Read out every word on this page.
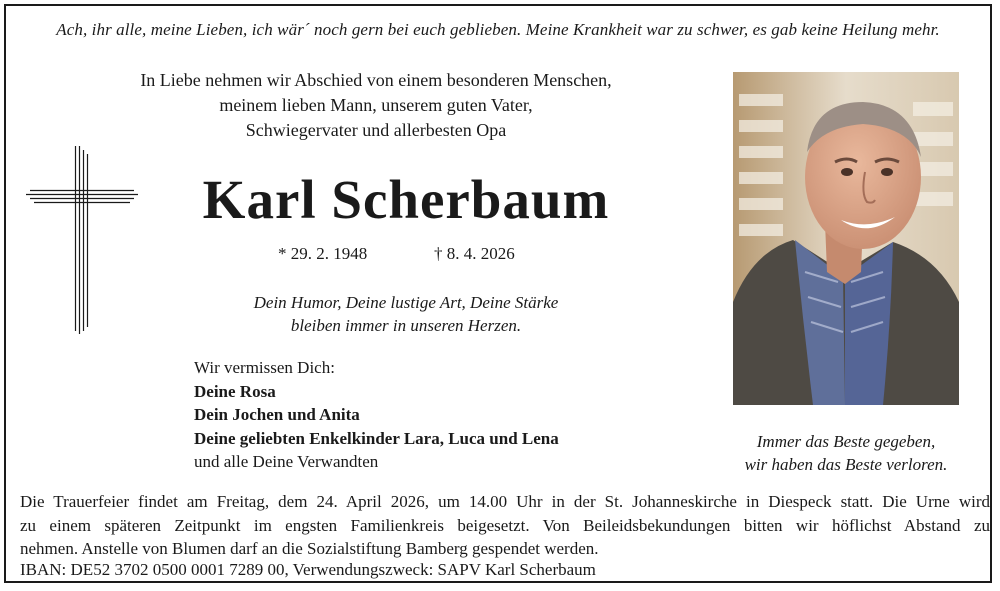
Ach, ihr alle, meine Lieben, ich wär´ noch gern bei euch geblieben. Meine Krankheit war zu schwer, es gab keine Heilung mehr.
In Liebe nehmen wir Abschied von einem besonderen Menschen,
meinem lieben Mann, unserem guten Vater,
Schwiegervater und allerbesten Opa
Karl Scherbaum
* 29. 2. 1948	† 8. 4. 2026
Dein Humor, Deine lustige Art, Deine Stärke
bleiben immer in unseren Herzen.
Wir vermissen Dich:
Deine Rosa
Dein Jochen und Anita
Deine geliebten Enkelkinder Lara, Luca und Lena
und alle Deine Verwandten
Immer das Beste gegeben,
wir haben das Beste verloren.
Die Trauerfeier findet am Freitag, dem 24. April 2026, um 14.00 Uhr in der St. Johanneskirche in Diespeck statt. Die Urne wird
zu einem späteren Zeitpunkt im engsten Familienkreis beigesetzt. Von Beileidsbekundungen bitten wir höflichst Abstand zu
nehmen. Anstelle von Blumen darf an die Sozialstiftung Bamberg gespendet werden.
IBAN: DE52 3702 0500 0001 7289 00, Verwendungszweck: SAPV Karl Scherbaum
